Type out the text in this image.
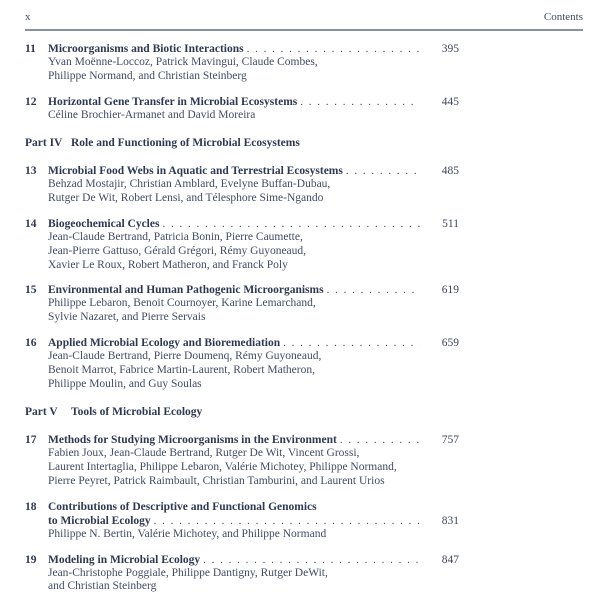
x	Contents
11	Microorganisms and Biotic Interactions . . .	395
Yvan Moënne-Loccoz, Patrick Mavingui, Claude Combes,
Philippe Normand, and Christian Steinberg
12	Horizontal Gene Transfer in Microbial Ecosystems . . .	445
Céline Brochier-Armanet and David Moreira
Part IV Role and Functioning of Microbial Ecosystems
13	Microbial Food Webs in Aquatic and Terrestrial Ecosystems . . .	485
Behzad Mostajir, Christian Amblard, Evelyne Buffan-Dubau,
Rutger De Wit, Robert Lensi, and Télesphore Sime-Ngando
14	Biogeochemical Cycles . . .	511
Jean-Claude Bertrand, Patricia Bonin, Pierre Caumette,
Jean-Pierre Gattuso, Gérald Grégori, Rémy Guyoneaud,
Xavier Le Roux, Robert Matheron, and Franck Poly
15	Environmental and Human Pathogenic Microorganisms . . .	619
Philippe Lebaron, Benoit Cournoyer, Karine Lemarchand,
Sylvie Nazaret, and Pierre Servais
16	Applied Microbial Ecology and Bioremediation . . .	659
Jean-Claude Bertrand, Pierre Doumenq, Rémy Guyoneaud,
Benoit Marrot, Fabrice Martin-Laurent, Robert Matheron,
Philippe Moulin, and Guy Soulas
Part V	Tools of Microbial Ecology
17	Methods for Studying Microorganisms in the Environment . . .	757
Fabien Joux, Jean-Claude Bertrand, Rutger De Wit, Vincent Grossi,
Laurent Intertaglia, Philippe Lebaron, Valérie Michotey, Philippe Normand,
Pierre Peyret, Patrick Raimbault, Christian Tamburini, and Laurent Urios
18	Contributions of Descriptive and Functional Genomics
to Microbial Ecology . . .	831
Philippe N. Bertin, Valérie Michotey, and Philippe Normand
19	Modeling in Microbial Ecology . . .	847
Jean-Christophe Poggiale, Philippe Dantigny, Rutger DeWit,
and Christian Steinberg
